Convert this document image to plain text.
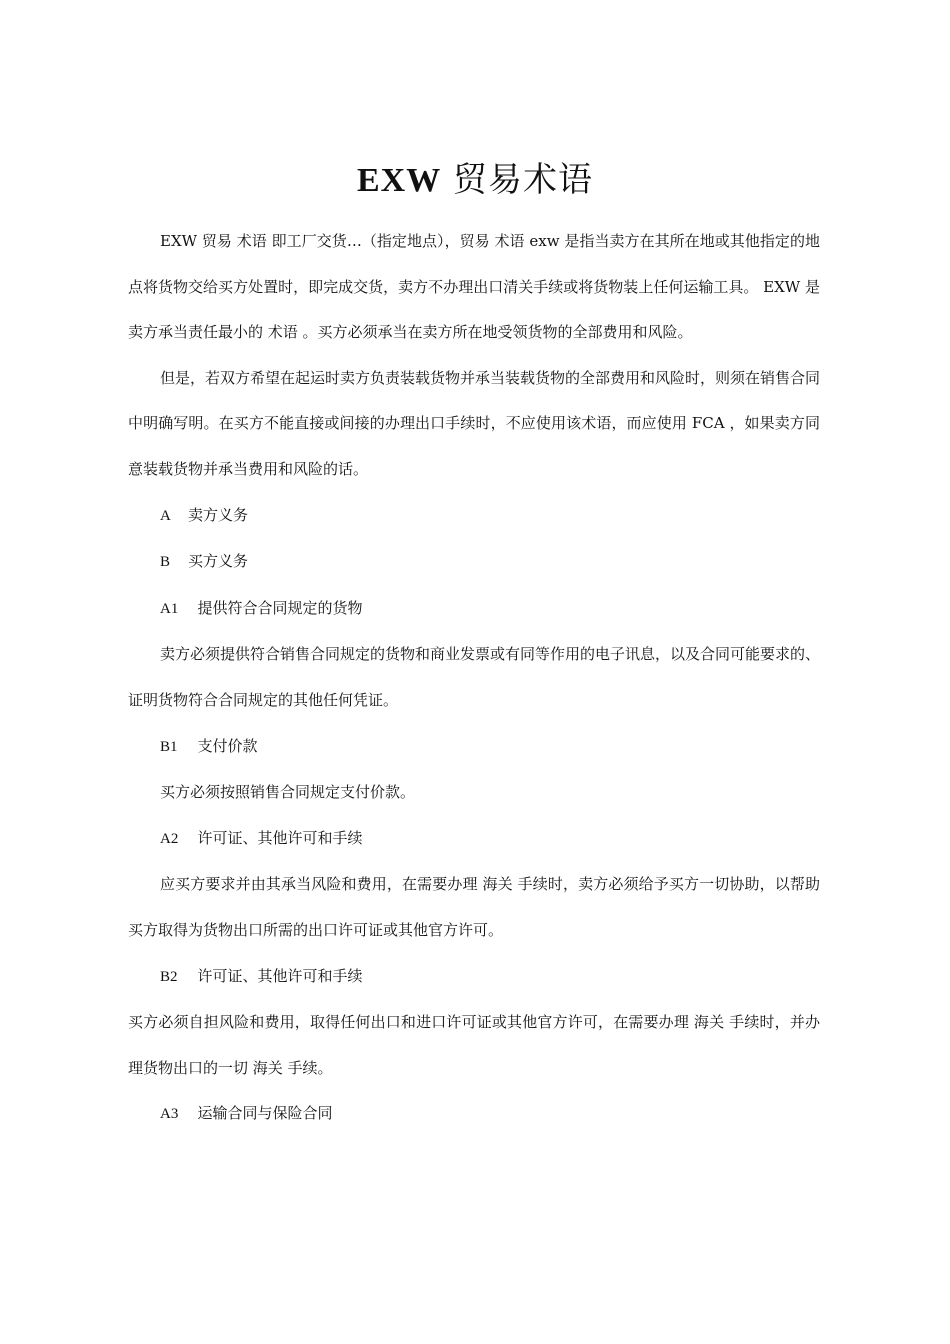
EXW 贸易术语

EXW 贸易 术语 即工厂交货…（指定地点），贸易 术语 exw 是指当卖方在其所在地或其他指定的地点将货物交给买方处置时，即完成交货，卖方不办理出口清关手续或将货物装上任何运输工具。 EXW 是卖方承当责任最小的 术语 。买方必须承当在卖方所在地受领货物的全部费用和风险。

但是，若双方希望在起运时卖方负责装载货物并承当装载货物的全部费用和风险时，则须在销售合同中明确写明。在买方不能直接或间接的办理出口手续时，不应使用该术语，而应使用 FCA ，如果卖方同意装载货物并承当费用和风险的话。

A 卖方义务

B 买方义务

A1 提供符合合同规定的货物

卖方必须提供符合销售合同规定的货物和商业发票或有同等作用的电子讯息，以及合同可能要求的、证明货物符合合同规定的其他任何凭证。

B1 支付价款

买方必须按照销售合同规定支付价款。

A2 许可证、其他许可和手续

应买方要求并由其承当风险和费用，在需要办理 海关 手续时，卖方必须给予买方一切协助，以帮助买方取得为货物出口所需的出口许可证或其他官方许可。

B2 许可证、其他许可和手续

买方必须自担风险和费用，取得任何出口和进口许可证或其他官方许可，在需要办理 海关 手续时，并办理货物出口的一切 海关 手续。

A3 运输合同与保险合同
